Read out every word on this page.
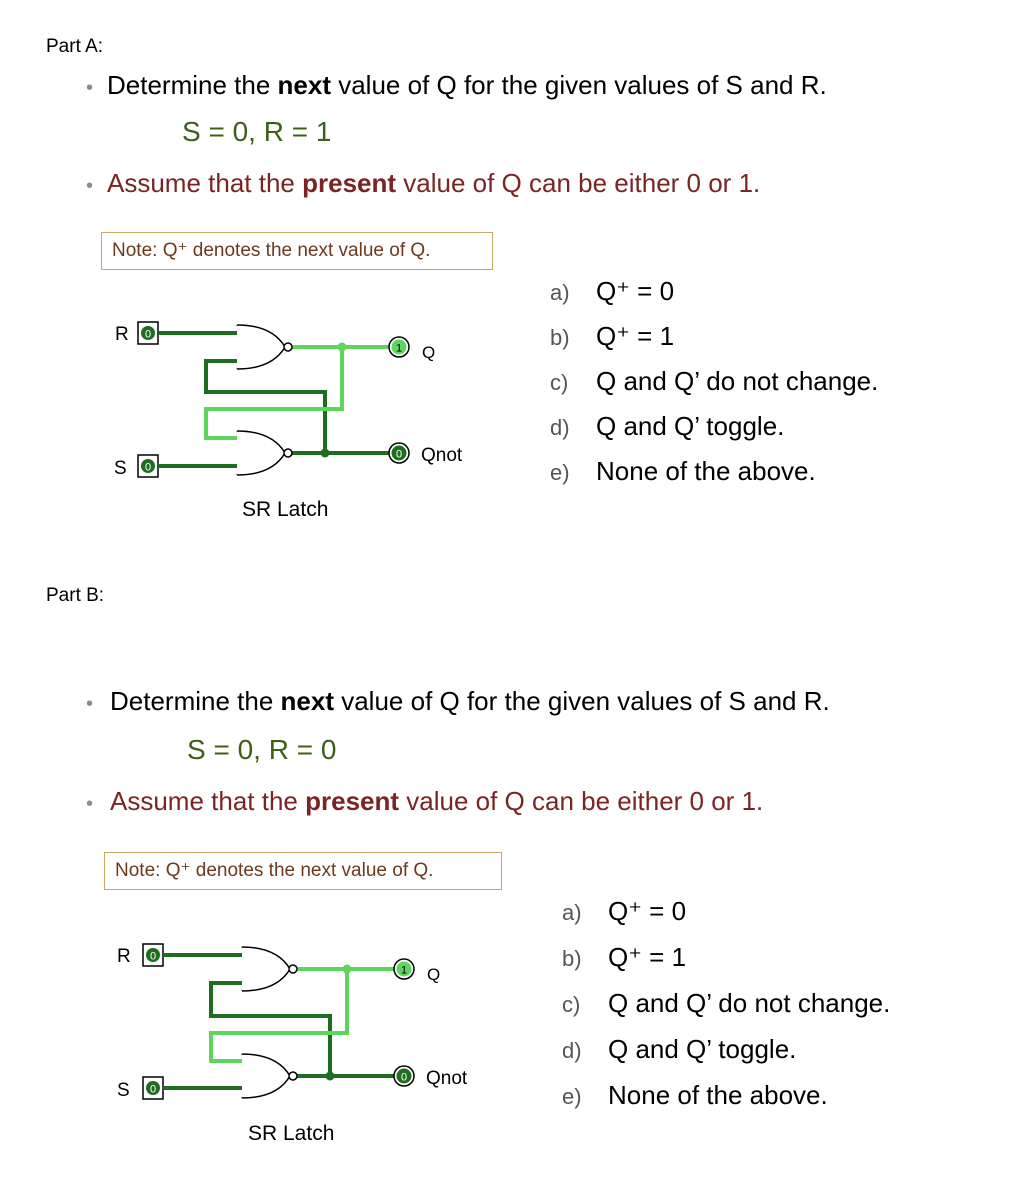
Part A:
• Determine the next value of Q for the given values of S and R.
S = 0, R = 1
• Assume that the present value of Q can be either 0 or 1.
Note: Q⁺ denotes the next value of Q.
0
R
0
S
1 Q
0 Qnot
SR Latch
a) Q⁺ = 0
b) Q⁺ = 1
c) Q and Q’ do not change.
d) Q and Q’ toggle.
e) None of the above.
Part B:
• Determine the next value of Q for the given values of S and R.
S = 0, R = 0
• Assume that the present value of Q can be either 0 or 1.
Note: Q⁺ denotes the next value of Q.
0
R
0
S
1 Q
0 Qnot
SR Latch
a) Q⁺ = 0
b) Q⁺ = 1
c) Q and Q’ do not change.
d) Q and Q’ toggle.
e) None of the above.
